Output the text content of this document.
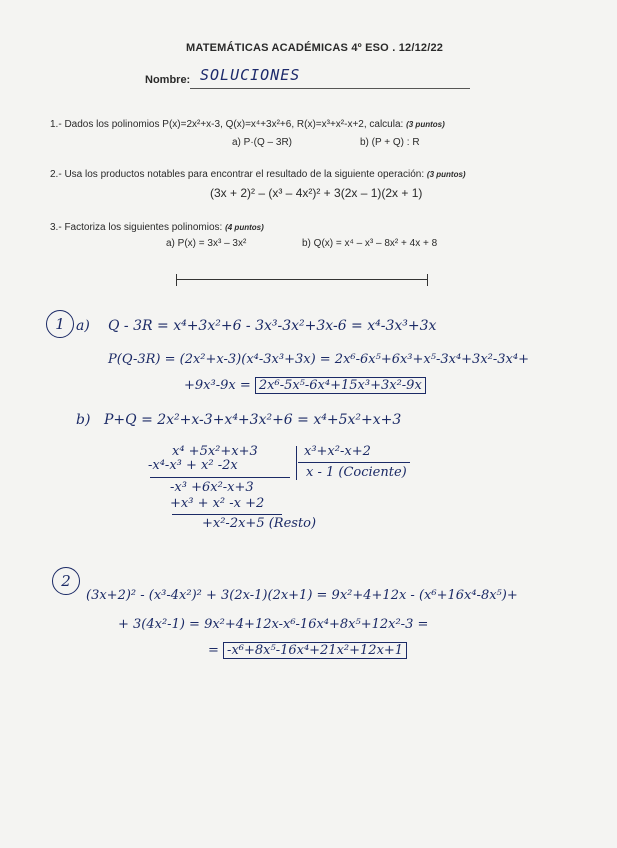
MATEMÁTICAS ACADÉMICAS 4º ESO . 12/12/22
Nombre: SOLUCIONES
1.- Dados los polinomios P(x)=2x²+x-3, Q(x)=x⁴+3x²+6, R(x)=x³+x²-x+2, calcula: (3 puntos)
a) P·(Q – 3R)	b) (P + Q) : R
2.- Usa los productos notables para encontrar el resultado de la siguiente operación: (3 puntos)
(3x + 2)² – (x³ – 4x²)² + 3(2x – 1)(2x + 1)
3.- Factoriza los siguientes polinomios: (4 puntos)
a) P(x) = 3x³ – 3x²	b) Q(x) = x⁴ – x³ – 8x² + 4x + 8
1 a) Q - 3R = x⁴+3x²+6 - 3x³-3x²+3x-6 = x⁴-3x³+3x
P(Q-3R) = (2x²+x-3)(x⁴-3x³+3x) = 2x⁶-6x⁵+6x³+x⁵-3x⁴+3x²-3x⁴+
+9x³-9x = 2x⁶-5x⁵-6x⁴+15x³+3x²-9x
b) P+Q = 2x²+x-3+x⁴+3x²+6 = x⁴+5x²+x+3
x⁴ +5x²+x+3
-x⁴-x³ + x² -2x
-x³ +6x²-x+3
+x³ + x² -x +2
+x²-2x+5 (Resto)
x³+x²-x+2
x - 1 (Cociente)
2
(3x+2)² - (x³-4x²)² + 3(2x-1)(2x+1) = 9x²+4+12x - (x⁶+16x⁴-8x⁵)+
+ 3(4x²-1) = 9x²+4+12x-x⁶-16x⁴+8x⁵+12x²-3 =
= -x⁶+8x⁵-16x⁴+21x²+12x+1
